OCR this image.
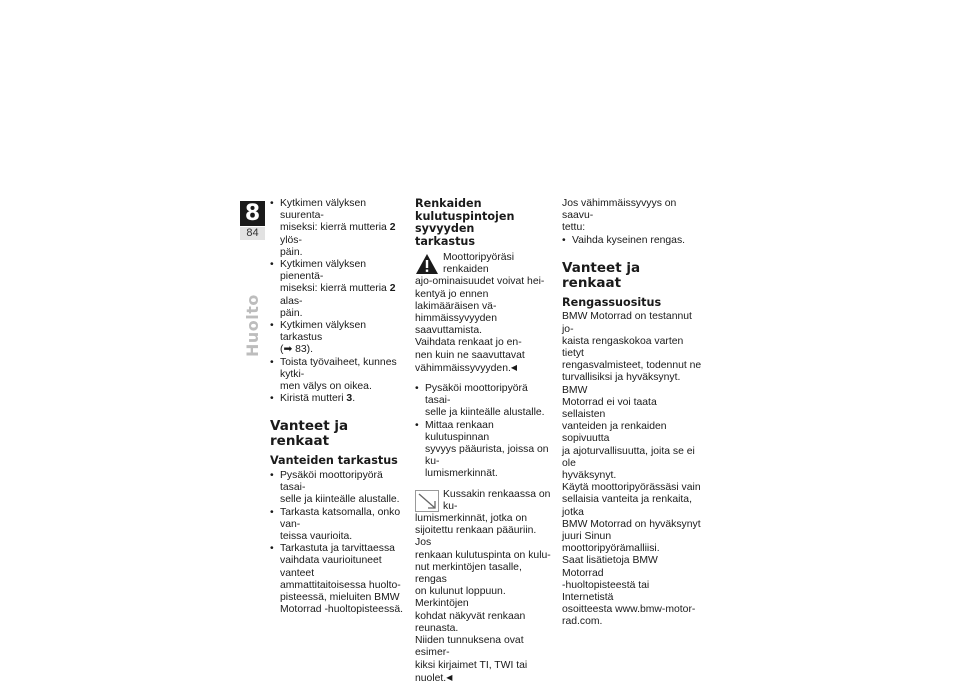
8
84
Huolto
• Kytkimen välyksen suurenta-
miseksi: kierrä mutteria 2 ylös-
päin.
• Kytkimen välyksen pienentä-
miseksi: kierrä mutteria 2 alas-
päin.
• Kytkimen välyksen tarkastus
(➡ 83).
• Toista työvaiheet, kunnes kytki-
men välys on oikea.
• Kiristä mutteri 3.
Vanteet ja renkaat
Vanteiden tarkastus
• Pysäköi moottoripyörä tasai-
selle ja kiinteälle alustalle.
• Tarkasta katsomalla, onko van-
teissa vaurioita.
• Tarkastuta ja tarvittaessa
vaihdata vaurioituneet vanteet
ammattitaitoisessa huolto-
pisteessä, mieluiten BMW
Motorrad -huoltopisteessä.
Renkaiden
kulutuspintojen syvyyden
tarkastus
Moottoripyöräsi renkaiden
ajo-ominaisuudet voivat hei-
kentyä jo ennen lakimääräisen vä-
himmäissyvyyden saavuttamista.
Vaihdata renkaat jo en-
nen kuin ne saavuttavat
vähimmäissyvyyden.◀
• Pysäköi moottoripyörä tasai-
selle ja kiinteälle alustalle.
• Mittaa renkaan kulutuspinnan
syvyys pääurista, joissa on ku-
lumismerkinnät.
Kussakin renkaassa on ku-
lumismerkinnät, jotka on
sijoitettu renkaan pääuriin. Jos
renkaan kulutuspinta on kulu-
nut merkintöjen tasalle, rengas
on kulunut loppuun. Merkintöjen
kohdat näkyvät renkaan reunasta.
Niiden tunnuksena ovat esimer-
kiksi kirjaimet TI, TWI tai nuolet.◀

Jos vähimmäissyvyys on saavu-
tettu:

• Vaihda kyseinen rengas.
Vanteet ja renkaat
Rengassuositus

BMW Motorrad on testannut jo-
kaista rengaskokoa varten tietyt
rengasvalmisteet, todennut ne
turvallisiksi ja hyväksynyt. BMW
Motorrad ei voi taata sellaisten
vanteiden ja renkaiden sopivuutta
ja ajoturvallisuutta, joita se ei ole
hyväksynyt.
Käytä moottoripyörässäsi vain
sellaisia vanteita ja renkaita, jotka
BMW Motorrad on hyväksynyt
juuri Sinun moottoripyörämalliisi.
Saat lisätietoja BMW Motorrad
-huoltopisteestä tai Internetistä
osoitteesta www.bmw-motor-
rad.com.
